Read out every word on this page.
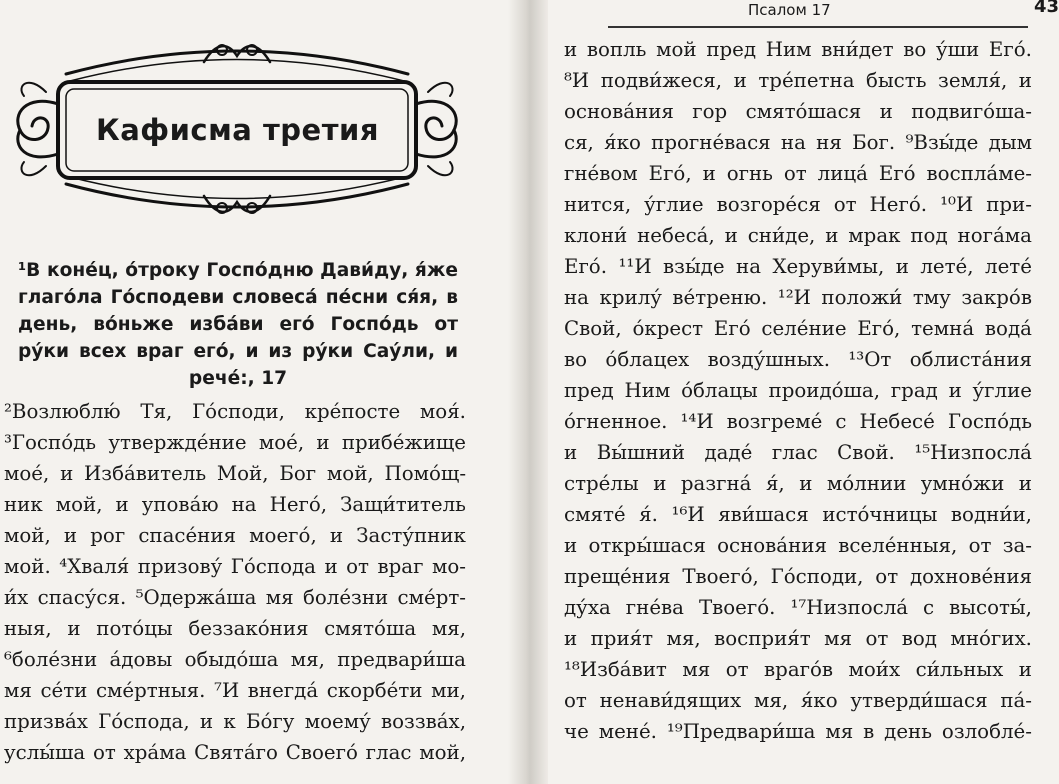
Кафисма третия
¹В коне́ц, о́троку Госпо́дню Дави́ду, я́же глаго́ла Го́сподеви словеса́ пе́сни ся́я, в день, во́ньже изба́ви его́ Госпо́дь от ру́ки всех враг его́, и из ру́ки Сау́ли, и рече́:, 17
²Возлюблю́ Тя, Го́споди, кре́посте моя́.
³Госпо́дь утвержде́ние мое́, и прибе́жище
мое́, и Изба́витель Мой, Бог мой, Помо́щ-
ник мой, и упова́ю на Него́, Защи́титель
мой, и рог спасе́ния моего́, и Засту́пник
мой. ⁴Хваля́ призову́ Го́спода и от враг мо-
и́х спасу́ся. ⁵Одержа́ша мя боле́зни сме́рт-
ныя, и пото́цы беззако́ния смято́ша мя,
⁶боле́зни а́довы обыдо́ша мя, предвари́ша
мя се́ти сме́ртныя. ⁷И внегда́ скорбе́ти ми,
призва́х Го́спода, и к Бо́гу моему́ воззва́х,
услы́ша от хра́ма Свята́го Своего́ глас мой,
Псалом 17	43
и вопль мой пред Ним вни́дет во у́ши Его́.
⁸И подви́жеся, и тре́петна бысть земля́, и
основа́ния гор смято́шася и подвиго́ша-
ся, я́ко прогне́вася на ня Бог. ⁹Взы́де дым
гне́вом Его́, и огнь от лица́ Его́ воспла́ме-
нится, у́глие возгоре́ся от Него́. ¹⁰И при-
клони́ небеса́, и сни́де, и мрак под нога́ма
Его́. ¹¹И взы́де на Херуви́мы, и лете́, лете́
на крилу́ ве́треню. ¹²И положи́ тму закро́в
Свой, о́крест Его́ селе́ние Его́, темна́ вода́
во о́блацех возду́шных. ¹³От облиста́ния
пред Ним о́блацы проидо́ша, град и у́глие
о́гненное. ¹⁴И возгреме́ с Небесе́ Госпо́дь
и Вы́шний даде́ глас Свой. ¹⁵Низпосла́
стре́лы и разгна́ я́, и мо́лнии умно́жи и
смяте́ я́. ¹⁶И яви́шася исто́чницы водни́и,
и откры́шася основа́ния вселе́нныя, от за-
преще́ния Твоего́, Го́споди, от дохнове́ния
ду́ха гне́ва Твоего́. ¹⁷Низпосла́ с высоты́,
и прия́т мя, восприя́т мя от вод мно́гих.
¹⁸Изба́вит мя от враго́в мои́х си́льных и
от ненави́дящих мя, я́ко утверди́шася па́-
че мене́. ¹⁹Предвари́ша мя в день озлобле́-
